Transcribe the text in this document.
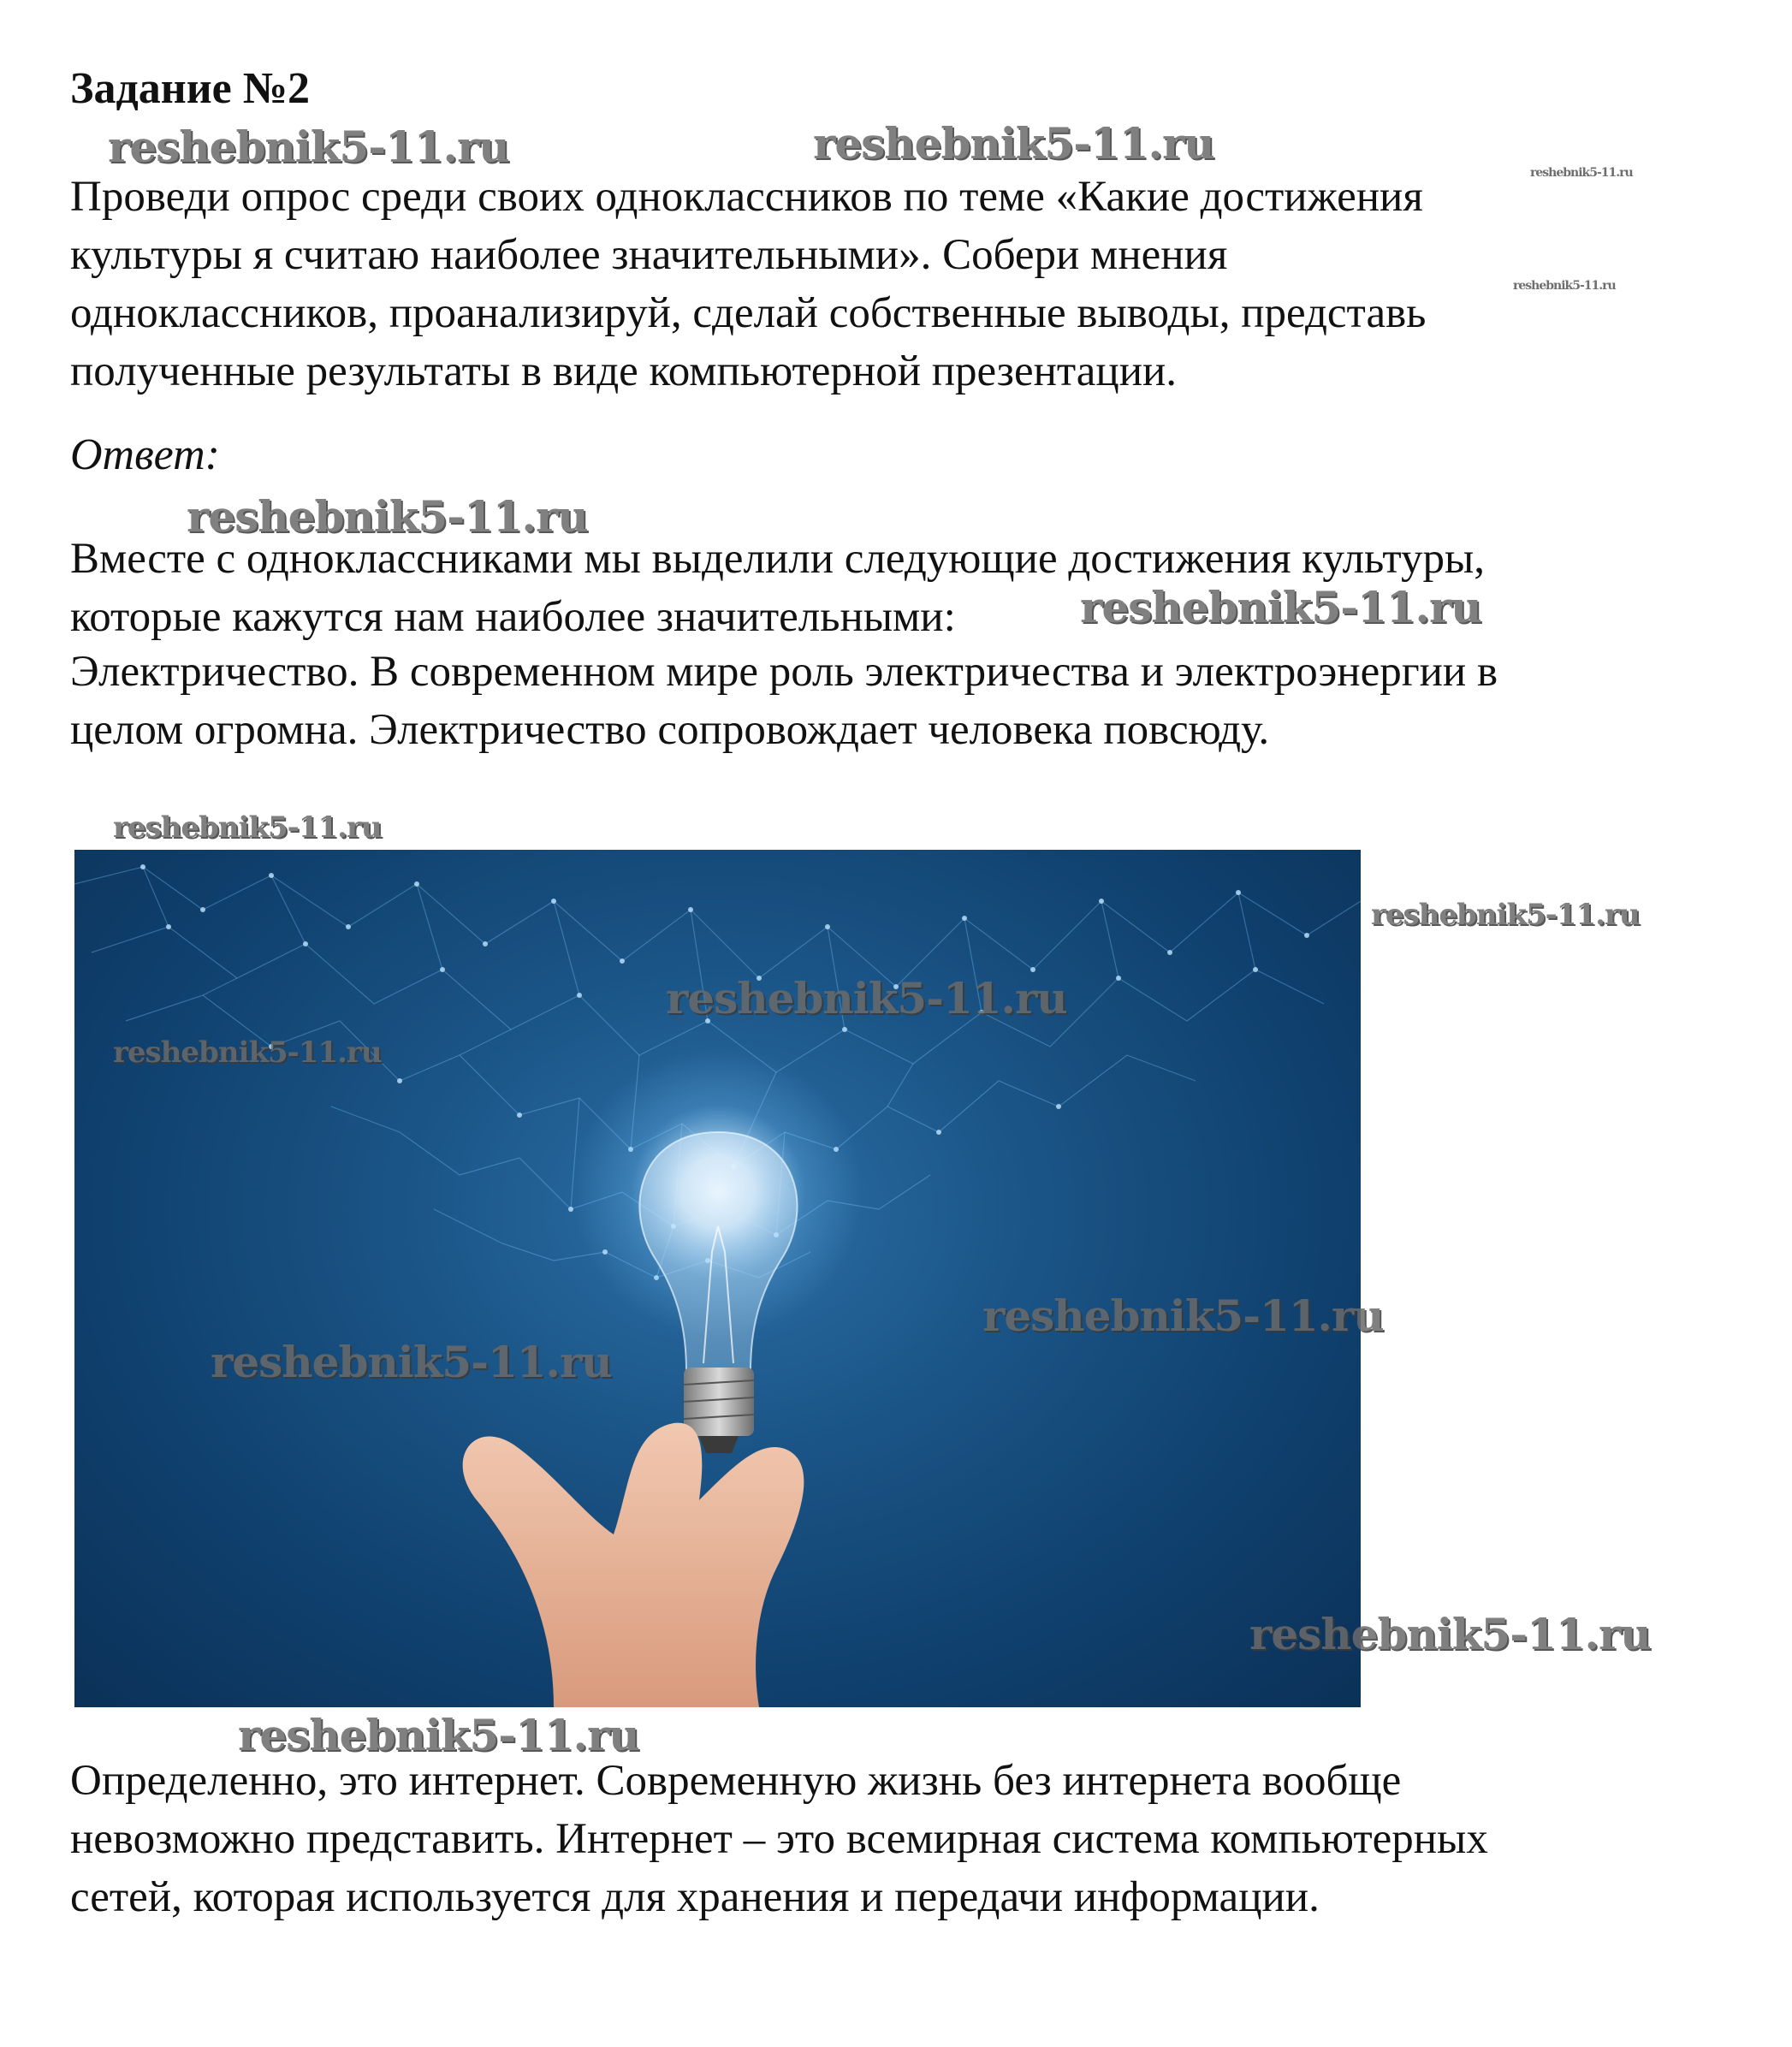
Задание №2
Проведи опрос среди своих одноклассников по теме «Какие достижения
культуры я считаю наиболее значительными». Собери мнения
одноклассников, проанализируй, сделай собственные выводы, представь
полученные результаты в виде компьютерной презентации.
Ответ:
Вместе с одноклассниками мы выделили следующие достижения культуры,
которые кажутся нам наиболее значительными:
Электричество. В современном мире роль электричества и электроэнергии в
целом огромна. Электричество сопровождает человека повсюду.
Определенно, это интернет. Современную жизнь без интернета вообще
невозможно представить. Интернет – это всемирная система компьютерных
сетей, которая используется для хранения и передачи информации.
reshebnik5-11.ru	reshebnik5-11.ru
reshebnik5-11.ru
reshebnik5-11.ru
reshebnik5-11.ru
reshebnik5-11.ru
reshebnik5-11.ru
reshebnik5-11.ru
reshebnik5-11.ru
reshebnik5-11.ru
reshebnik5-11.ru
reshebnik5-11.ru
reshebnik5-11.ru
reshebnik5-11.ru
